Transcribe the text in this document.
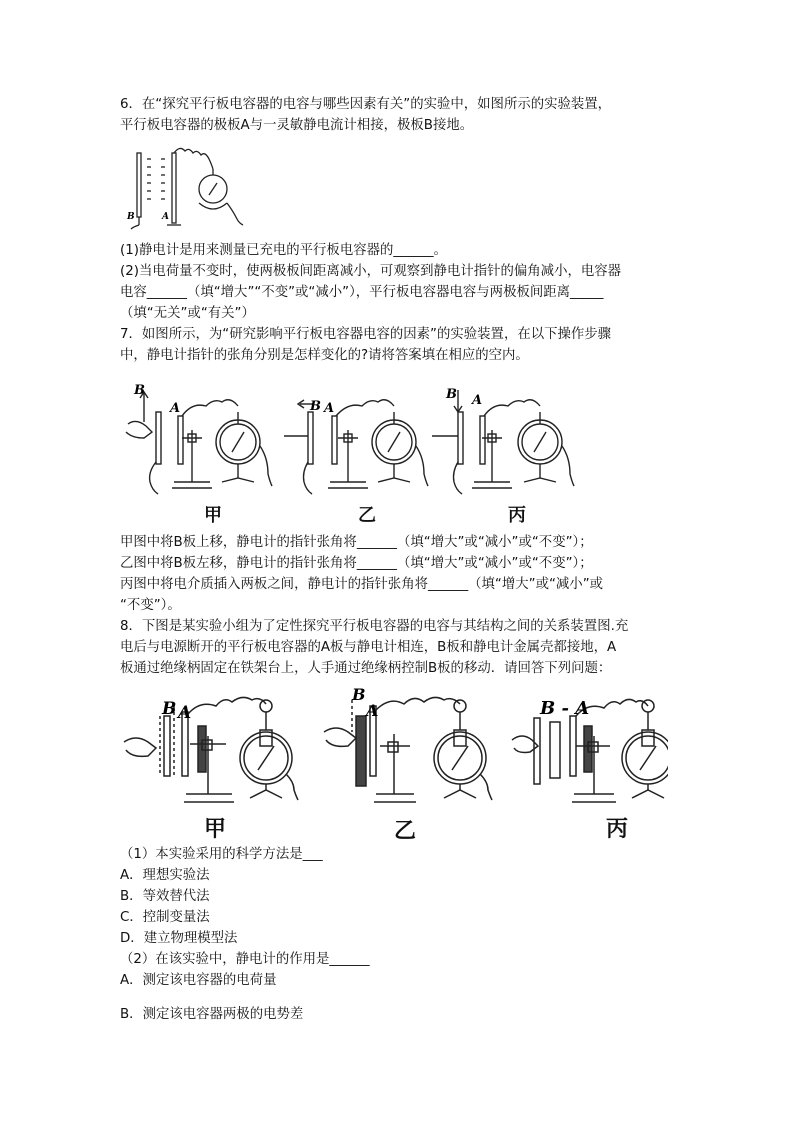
6．在“探究平行板电容器的电容与哪些因素有关”的实验中，如图所示的实验装置，
平行板电容器的极板A与一灵敏静电流计相接，极板B接地。
B	A
(1)静电计是用来测量已充电的平行板电容器的______。
(2)当电荷量不变时，使两极板间距离减小，可观察到静电计指针的偏角减小，电容器
电容______（填“增大”“不变”或“减小”），平行板电容器电容与两极板间距离_____
（填“无关”或“有关”）
7．如图所示，为“研究影响平行板电容器电容的因素”的实验装置，在以下操作步骤
中，静电计指针的张角分别是怎样变化的?请将答案填在相应的空内。
B
A	B A
B A
甲	乙	丙
甲图中将B板上移，静电计的指针张角将______（填“增大”或“减小”或“不变”）；
乙图中将B板左移，静电计的指针张角将______（填“增大”或“减小”或“不变”）；
丙图中将电介质插入两板之间，静电计的指针张角将______（填“增大”或“减小”或
“不变”）。
8．下图是某实验小组为了定性探究平行板电容器的电容与其结构之间的关系装置图.充
电后与电源断开的平行板电容器的A板与静电计相连，B板和静电计金属壳都接地，A
板通过绝缘柄固定在铁架台上，人手通过绝缘柄控制B板的移动．请回答下列问题：
B A
B
A	B - A
甲	乙	丙
（1）本实验采用的科学方法是___
A．理想实验法
B．等效替代法
C．控制变量法
D．建立物理模型法
（2）在该实验中，静电计的作用是______
A．测定该电容器的电荷量
B．测定该电容器两极的电势差
